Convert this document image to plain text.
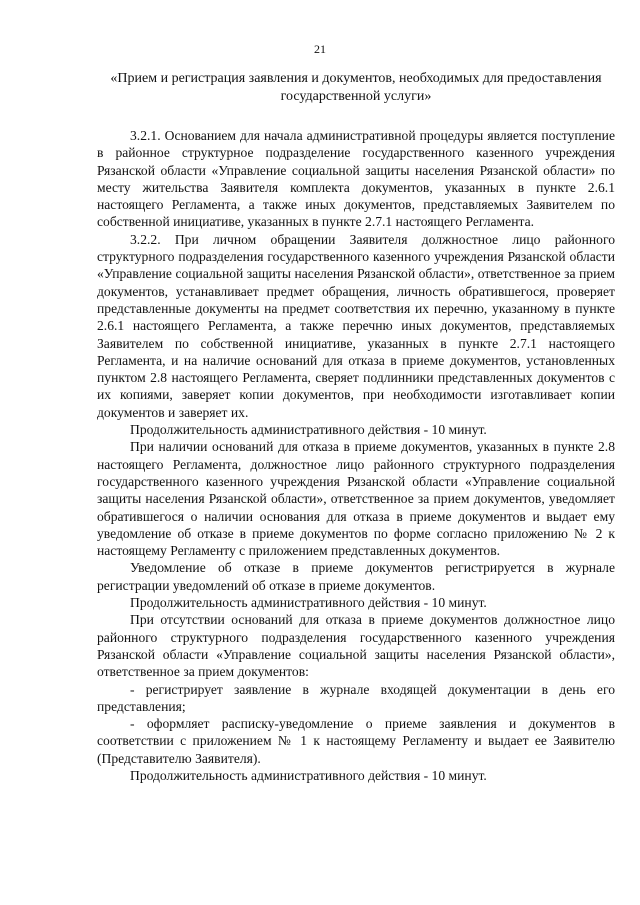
21
«Прием и регистрация заявления и документов, необходимых для предоставления государственной услуги»

3.2.1. Основанием для начала административной процедуры является поступление в районное структурное подразделение государственного казенного учреждения Рязанской области «Управление социальной защиты населения Рязанской области» по месту жительства Заявителя комплекта документов, указанных в пункте 2.6.1 настоящего Регламента, а также иных документов, представляемых Заявителем по собственной инициативе, указанных в пункте 2.7.1 настоящего Регламента.

3.2.2. При личном обращении Заявителя должностное лицо районного структурного подразделения государственного казенного учреждения Рязанской области «Управление социальной защиты населения Рязанской области», ответственное за прием документов, устанавливает предмет обращения, личность обратившегося, проверяет представленные документы на предмет соответствия их перечню, указанному в пункте 2.6.1 настоящего Регламента, а также перечню иных документов, представляемых Заявителем по собственной инициативе, указанных в пункте 2.7.1 настоящего Регламента, и на наличие оснований для отказа в приеме документов, установленных пунктом 2.8 настоящего Регламента, сверяет подлинники представленных документов с их копиями, заверяет копии документов, при необходимости изготавливает копии документов и заверяет их.

Продолжительность административного действия - 10 минут.

При наличии оснований для отказа в приеме документов, указанных в пункте 2.8 настоящего Регламента, должностное лицо районного структурного подразделения государственного казенного учреждения Рязанской области «Управление социальной защиты населения Рязанской области», ответственное за прием документов, уведомляет обратившегося о наличии основания для отказа в приеме документов и выдает ему уведомление об отказе в приеме документов по форме согласно приложению № 2 к настоящему Регламенту с приложением представленных документов.

Уведомление об отказе в приеме документов регистрируется в журнале регистрации уведомлений об отказе в приеме документов.

Продолжительность административного действия - 10 минут.

При отсутствии оснований для отказа в приеме документов должностное лицо районного структурного подразделения государственного казенного учреждения Рязанской области «Управление социальной защиты населения Рязанской области», ответственное за прием документов:

- регистрирует заявление в журнале входящей документации в день его представления;

- оформляет расписку-уведомление о приеме заявления и документов в соответствии с приложением № 1 к настоящему Регламенту и выдает ее Заявителю (Представителю Заявителя).

Продолжительность административного действия - 10 минут.
